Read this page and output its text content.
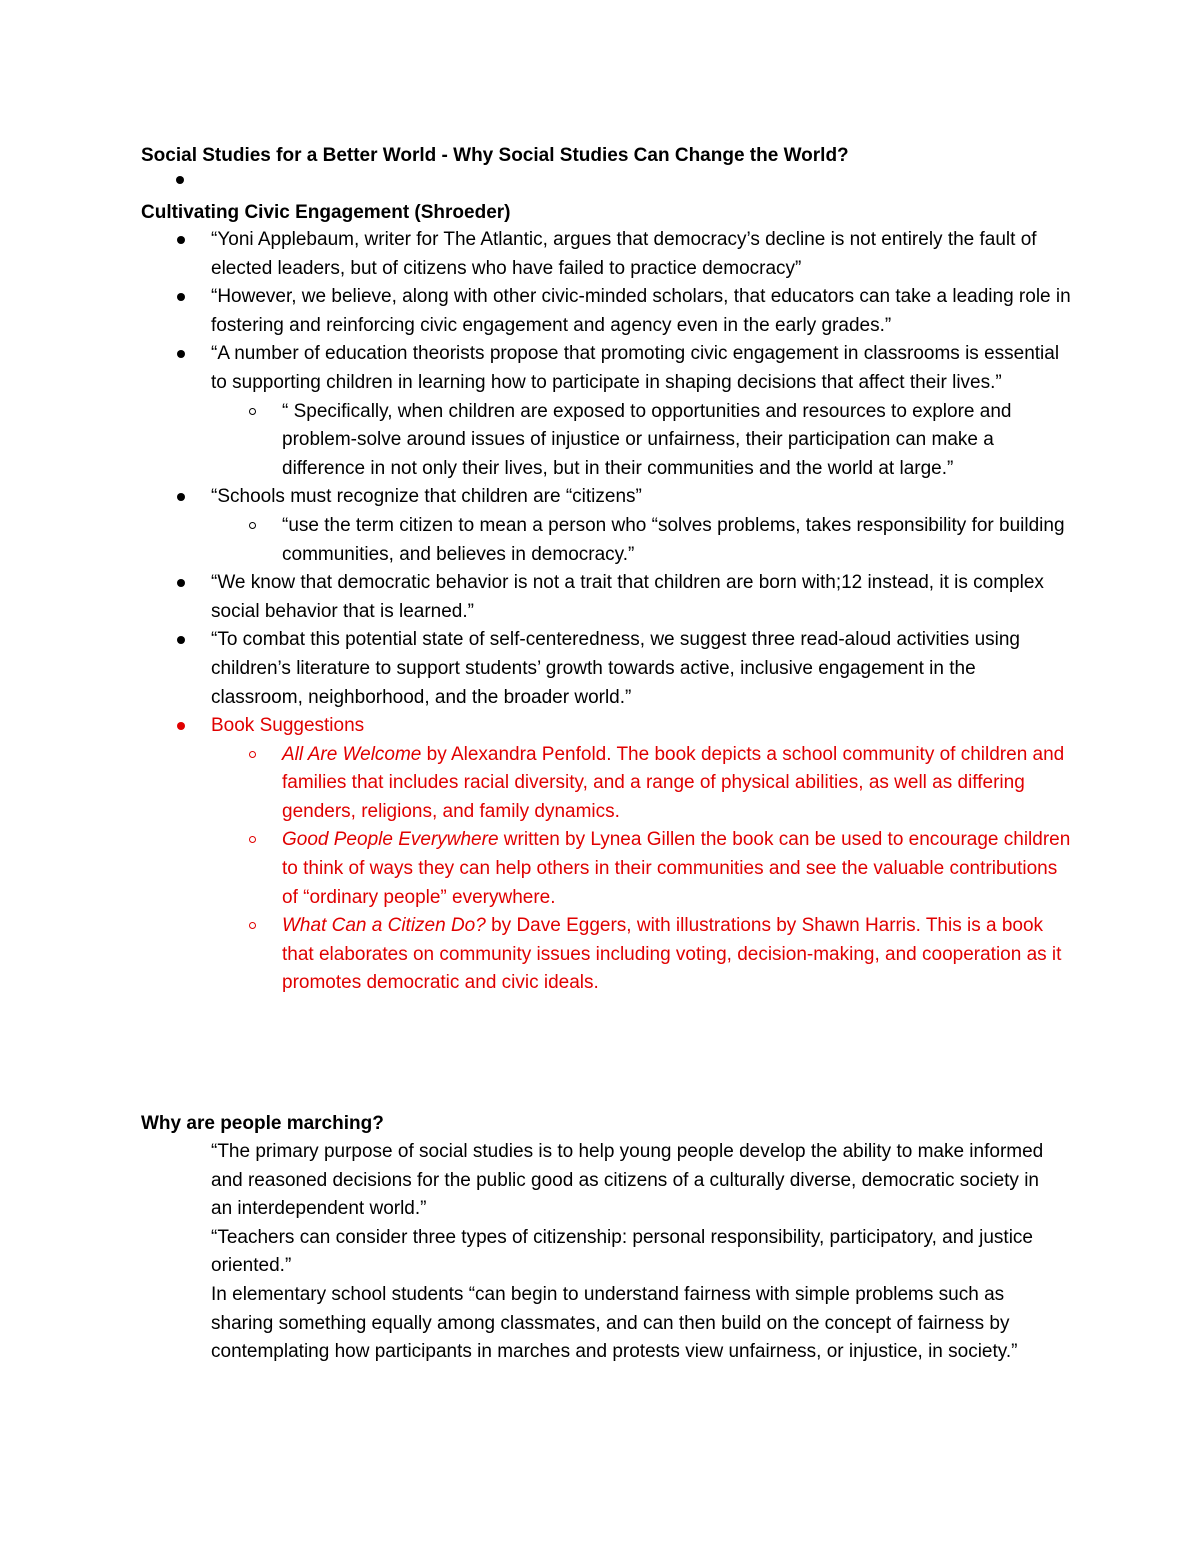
Social Studies for a Better World - Why Social Studies Can Change the World?
Cultivating Civic Engagement (Shroeder)
“Yoni Applebaum, writer for The Atlantic, argues that democracy’s decline is not entirely the fault of elected leaders, but of citizens who have failed to practice democracy”
“However, we believe, along with other civic-minded scholars, that educators can take a leading role in fostering and reinforcing civic engagement and agency even in the early grades.”
“A number of education theorists propose that promoting civic engagement in classrooms is essential to supporting children in learning how to participate in shaping decisions that affect their lives.”
“ Specifically, when children are exposed to opportunities and resources to explore and problem-solve around issues of injustice or unfairness, their participation can make a difference in not only their lives, but in their communities and the world at large.”
“Schools must recognize that children are “citizens”
“use the term citizen to mean a person who “solves problems, takes responsibility for building communities, and believes in democracy.”
“We know that democratic behavior is not a trait that children are born with;12 instead, it is complex social behavior that is learned.”
“To combat this potential state of self-centeredness, we suggest three read-aloud activities using children’s literature to support students’ growth towards active, inclusive engagement in the classroom, neighborhood, and the broader world.”
Book Suggestions
All Are Welcome by Alexandra Penfold. The book depicts a school community of children and families that includes racial diversity, and a range of physical abilities, as well as differing genders, religions, and family dynamics.
Good People Everywhere written by Lynea Gillen the book can be used to encourage children to think of ways they can help others in their communities and see the valuable contributions of “ordinary people” everywhere.
What Can a Citizen Do? by Dave Eggers, with illustrations by Shawn Harris. This is a book that elaborates on community issues including voting, decision-making, and cooperation as it promotes democratic and civic ideals.
Why are people marching?

“The primary purpose of social studies is to help young people develop the ability to make informed and reasoned decisions for the public good as citizens of a culturally diverse, democratic society in an interdependent world.”

“Teachers can consider three types of citizenship: personal responsibility, participatory, and justice oriented.”

In elementary school students “can begin to understand fairness with simple problems such as sharing something equally among classmates, and can then build on the concept of fairness by contemplating how participants in marches and protests view unfairness, or injustice, in society.”
